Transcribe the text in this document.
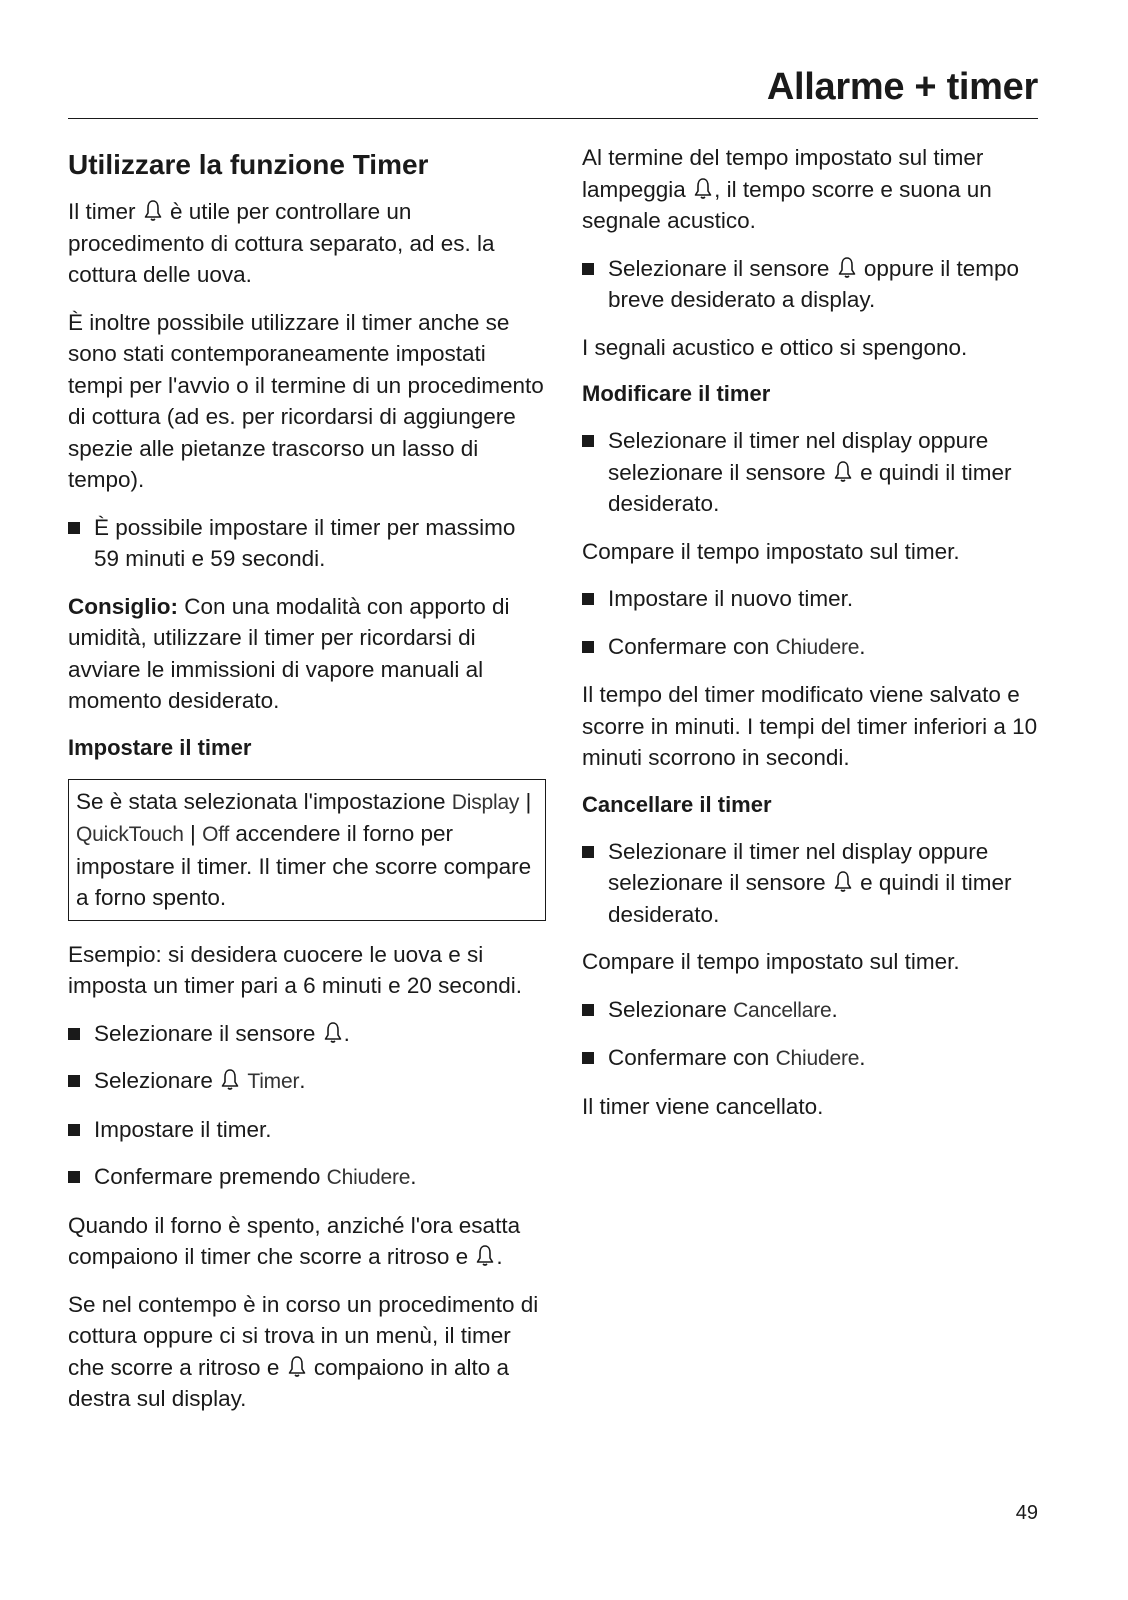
Allarme + timer
Utilizzare la funzione Timer

Il timer è utile per controllare un procedimento di cottura separato, ad es. la cottura delle uova.

È inoltre possibile utilizzare il timer anche se sono stati contemporaneamente impostati tempi per l'avvio o il termine di un procedimento di cottura (ad es. per ricordarsi di aggiungere spezie alle pietanze trascorso un lasso di tempo).

È possibile impostare il timer per massimo 59 minuti e 59 secondi.

Consiglio: Con una modalità con apporto di umidità, utilizzare il timer per ricordarsi di avviare le immissioni di vapore manuali al momento desiderato.

Impostare il timer
Se è stata selezionata l'impostazione Display | QuickTouch | Off accendere il forno per impostare il timer. Il timer che scorre compare a forno spento.

Esempio: si desidera cuocere le uova e si imposta un timer pari a 6 minuti e 20 secondi.

Selezionare il sensore .
Selezionare Timer.
Impostare il timer.
Confermare premendo Chiudere.

Quando il forno è spento, anziché l'ora esatta compaiono il timer che scorre a ritroso e .

Se nel contempo è in corso un procedimento di cottura oppure ci si trova in un menù, il timer che scorre a ritroso e compaiono in alto a destra sul display.

Al termine del tempo impostato sul timer lampeggia , il tempo scorre e suona un segnale acustico.

Selezionare il sensore oppure il tempo breve desiderato a display.

I segnali acustico e ottico si spengono.

Modificare il timer
Selezionare il timer nel display oppure selezionare il sensore e quindi il timer desiderato.

Compare il tempo impostato sul timer.

Impostare il nuovo timer.
Confermare con Chiudere.

Il tempo del timer modificato viene salvato e scorre in minuti. I tempi del timer inferiori a 10 minuti scorrono in secondi.

Cancellare il timer
Selezionare il timer nel display oppure selezionare il sensore e quindi il timer desiderato.

Compare il tempo impostato sul timer.

Selezionare Cancellare.
Confermare con Chiudere.

Il timer viene cancellato.

49
